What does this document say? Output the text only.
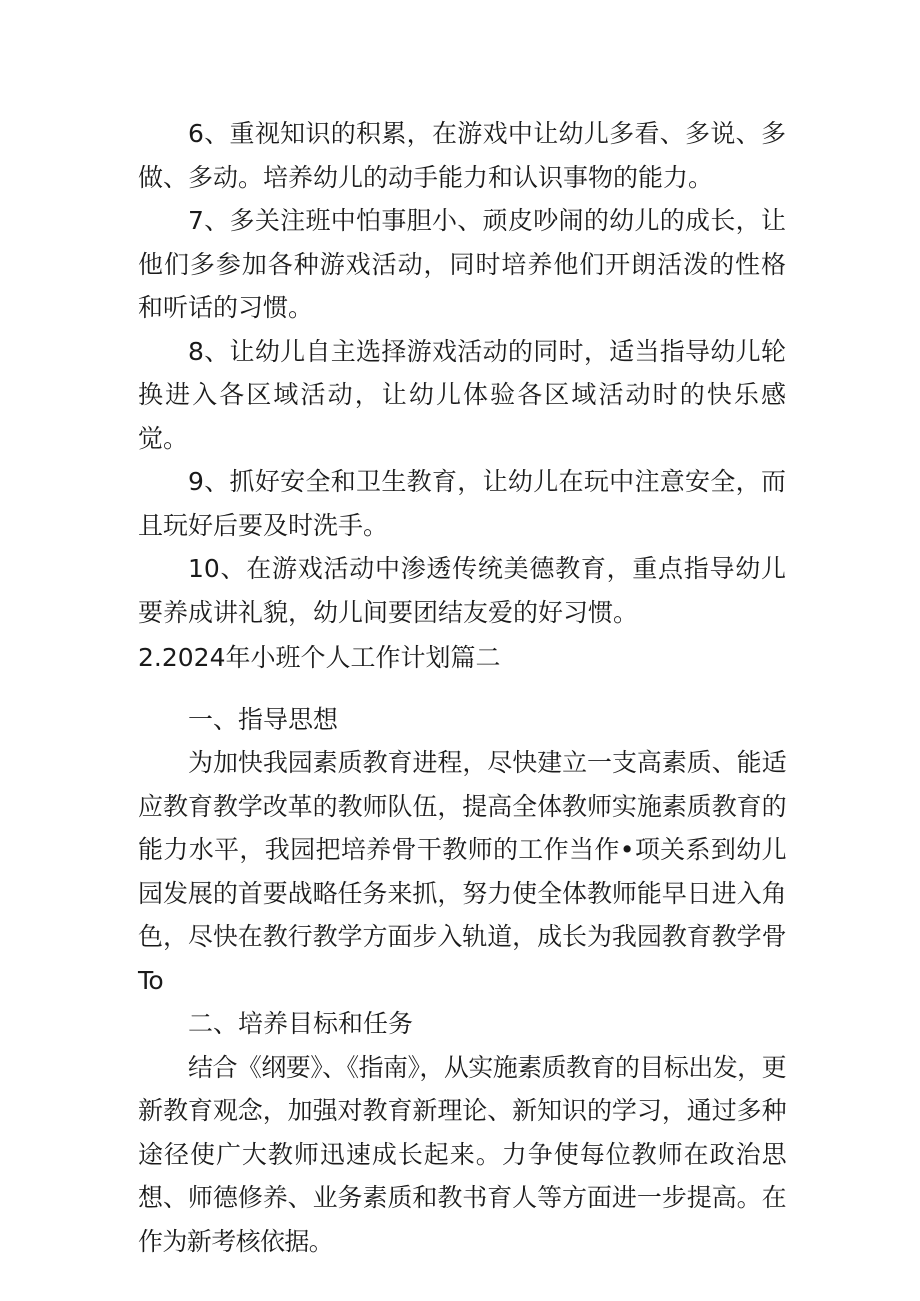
6、重视知识的积累，在游戏中让幼儿多看、多说、多做、多动。培养幼儿的动手能力和认识事物的能力。

7、多关注班中怕事胆小、顽皮吵闹的幼儿的成长，让他们多参加各种游戏活动，同时培养他们开朗活泼的性格和听话的习惯。

8、让幼儿自主选择游戏活动的同时，适当指导幼儿轮换进入各区域活动，让幼儿体验各区域活动时的快乐感觉。

9、抓好安全和卫生教育，让幼儿在玩中注意安全，而且玩好后要及时洗手。

10、在游戏活动中渗透传统美德教育，重点指导幼儿要养成讲礼貌，幼儿间要团结友爱的好习惯。

2.2024年小班个人工作计划篇二

一、指导思想

为加快我园素质教育进程，尽快建立一支高素质、能适应教育教学改革的教师队伍，提高全体教师实施素质教育的能力水平，我园把培养骨干教师的工作当作•项关系到幼儿园发展的首要战略任务来抓，努力使全体教师能早日进入角色，尽快在教行教学方面步入轨道，成长为我园教育教学骨To

二、培养目标和任务

结合《纲要》、《指南》，从实施素质教育的目标出发，更新教育观念，加强对教育新理论、新知识的学习，通过多种途径使广大教师迅速成长起来。力争使每位教师在政治思想、师德修养、业务素质和教书育人等方面进一步提高。在作为新考核依据。
